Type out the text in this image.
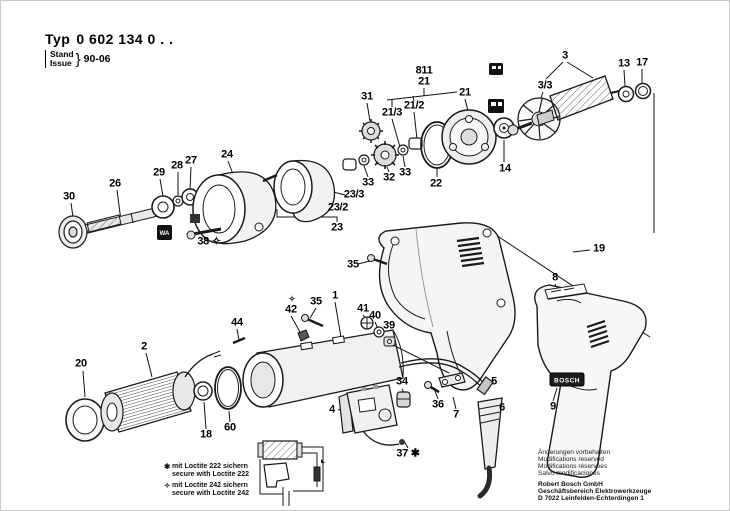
WA
BOSCH
Typ 0 602 134 0 . .
Stand
Issue } 90-06
30
26
29
28 27 24
38 ✧
23/3
23/2
23
33 32 33
31
21/3
21/2
811
21
21
22
14
3
3/3
13 17
19
35
8
9
44
42
35 1
41
40
39
34
36
7
5
6
4
37 ✱
2
20
18
60
✧
✱ mit Loctite 222 sichern
secure with Loctite 222
✧ mit Loctite 242 sichern
secure with Loctite 242
Änderungen vorbehalten
Modifications reserved
Modifications réservées
Salvo modificaciones
Robert Bosch GmbH
Geschäftsbereich Elektrowerkzeuge
D 7022 Leinfelden-Echterdingen 1
